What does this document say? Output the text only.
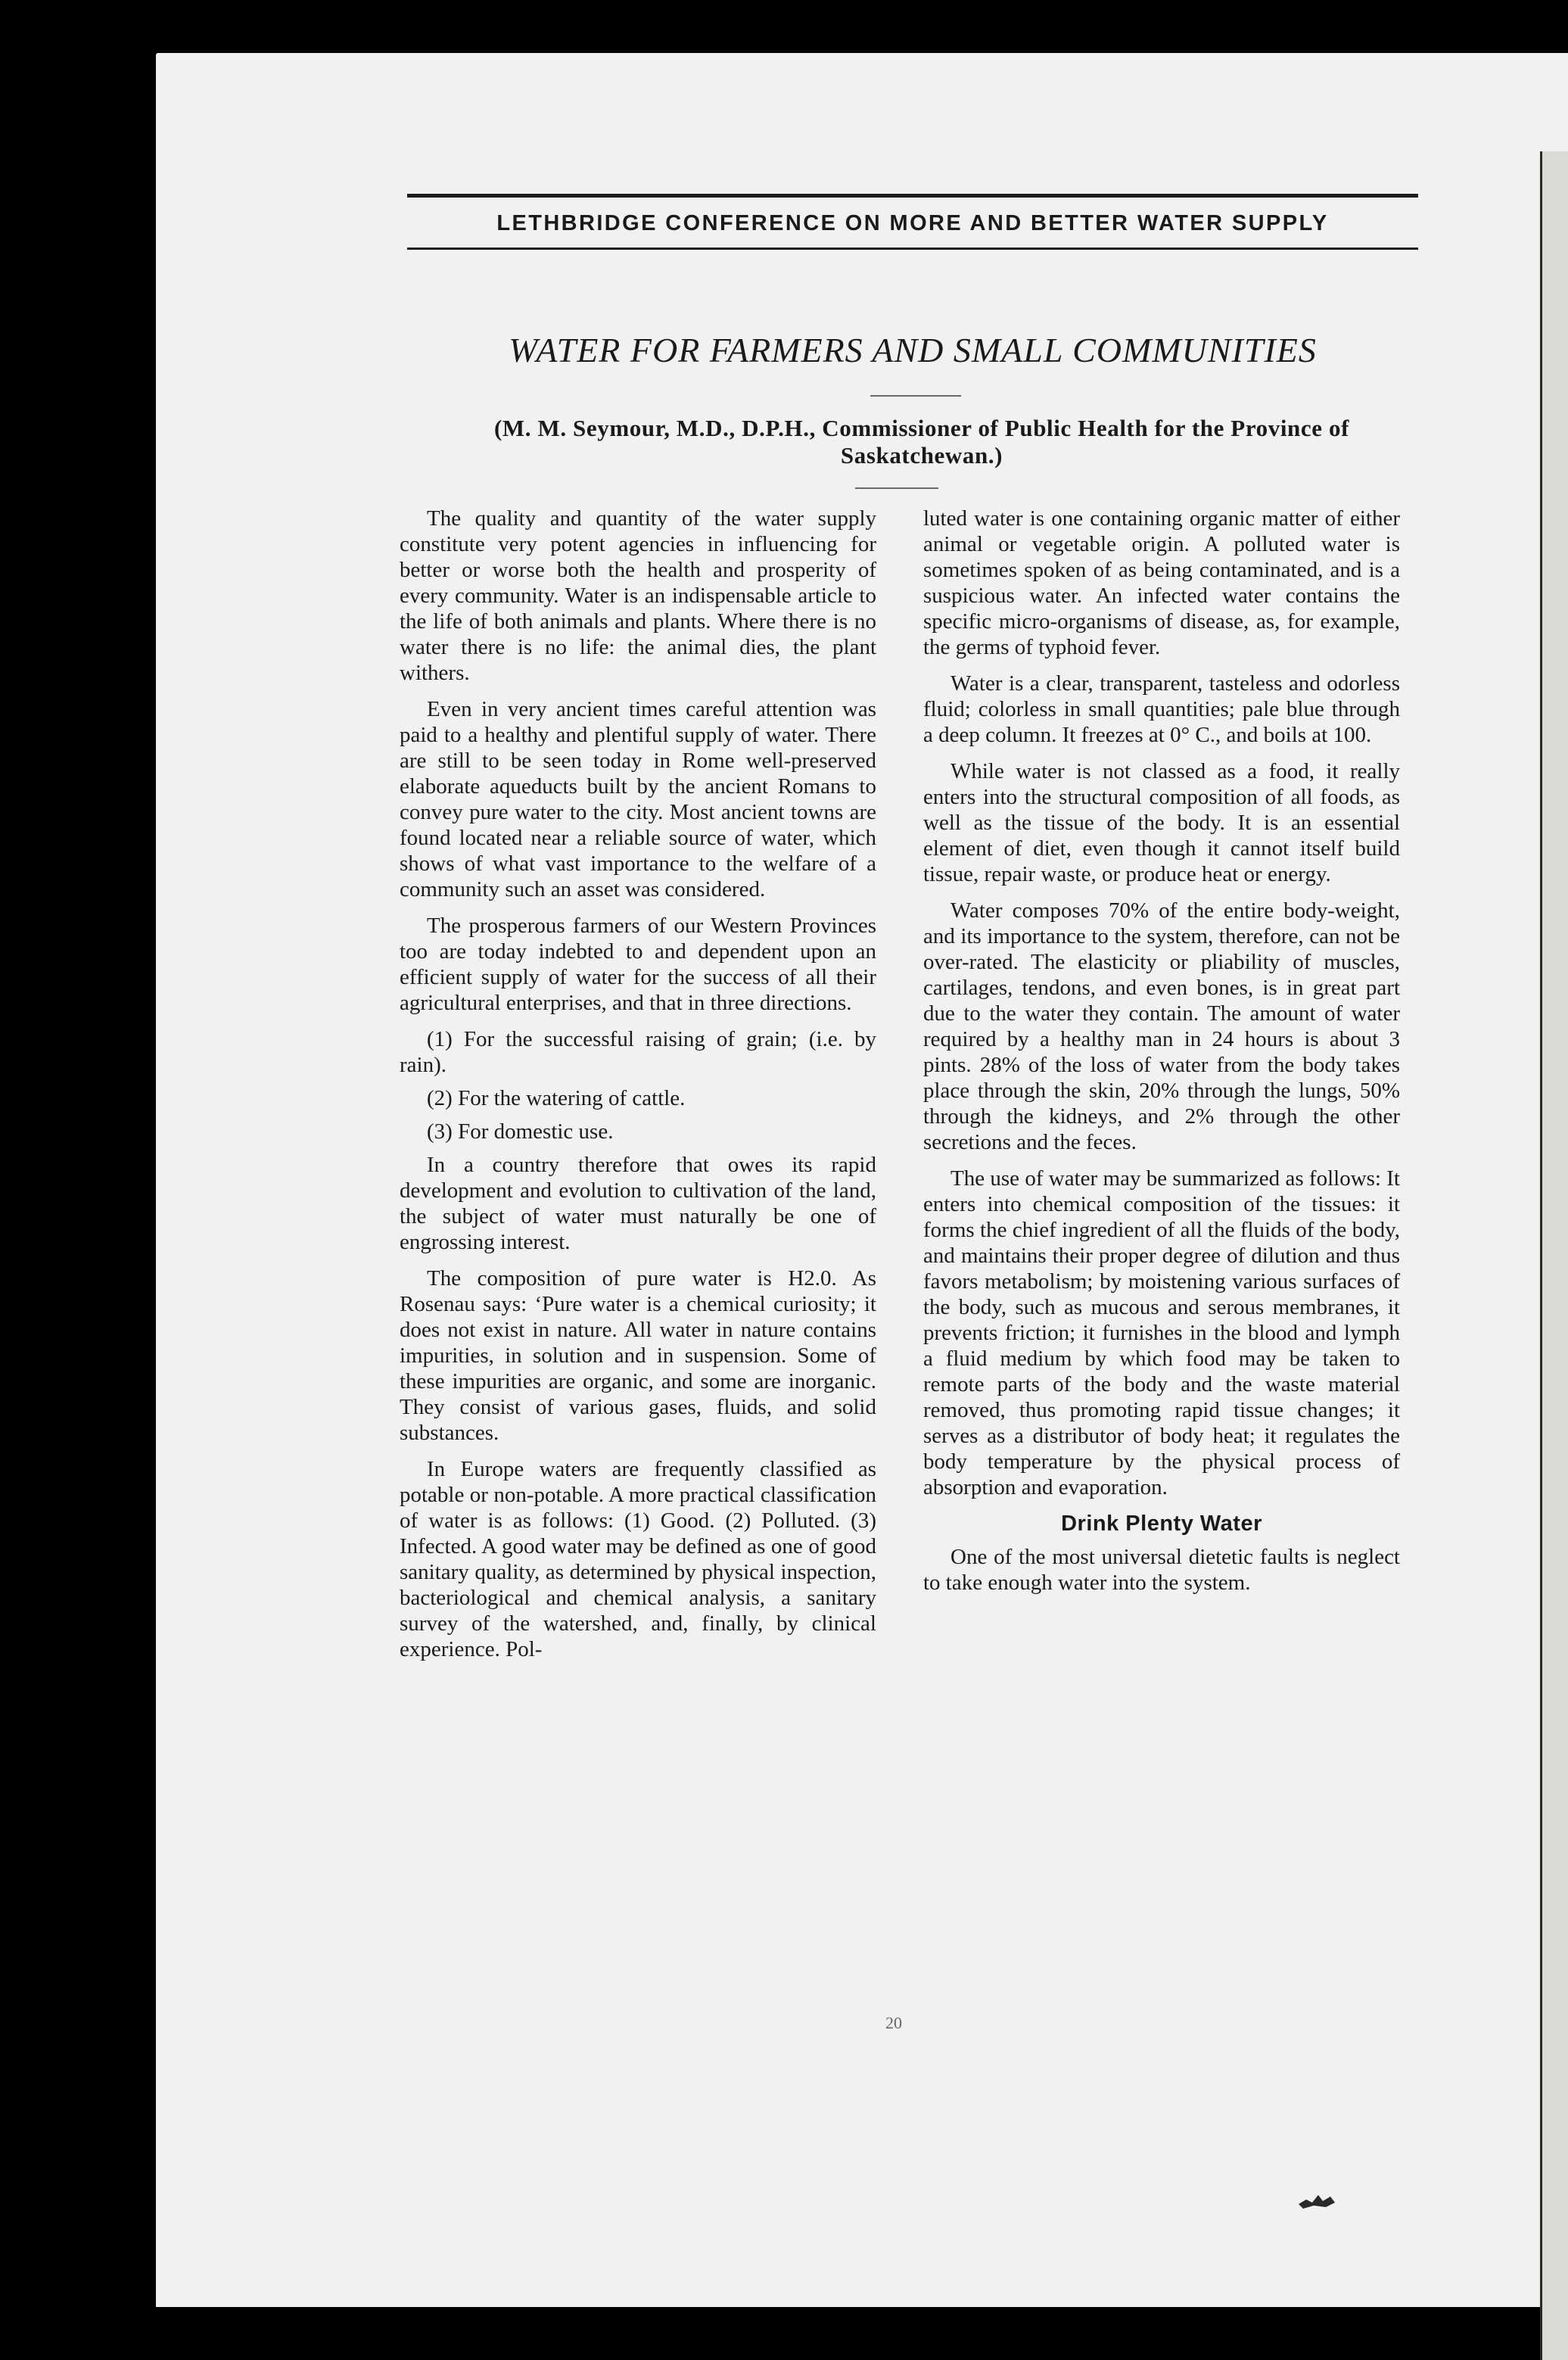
LETHBRIDGE CONFERENCE ON MORE AND BETTER WATER SUPPLY
WATER FOR FARMERS AND SMALL COMMUNITIES
(M. M. Seymour, M.D., D.P.H., Commissioner of Public Health for the Province of Saskatchewan.)

The quality and quantity of the water supply constitute very potent agencies in influencing for better or worse both the health and prosperity of every community. Water is an indispensable article to the life of both animals and plants. Where there is no water there is no life: the animal dies, the plant withers.

Even in very ancient times careful attention was paid to a healthy and plentiful supply of water. There are still to be seen today in Rome well-preserved elaborate aqueducts built by the ancient Romans to convey pure water to the city. Most ancient towns are found located near a reliable source of water, which shows of what vast importance to the welfare of a community such an asset was considered.

The prosperous farmers of our Western Provinces too are today indebted to and dependent upon an efficient supply of water for the success of all their agricultural enterprises, and that in three directions.

(1) For the successful raising of grain; (i.e. by rain).

(2) For the watering of cattle.

(3) For domestic use.

In a country therefore that owes its rapid development and evolution to cultivation of the land, the subject of water must naturally be one of engrossing interest.

The composition of pure water is H2.0. As Rosenau says: ‘Pure water is a chemical curiosity; it does not exist in nature. All water in nature contains impurities, in solution and in suspension. Some of these impurities are organic, and some are inorganic. They consist of various gases, fluids, and solid substances.

In Europe waters are frequently classified as potable or non-potable. A more practical classification of water is as follows: (1) Good. (2) Polluted. (3) Infected. A good water may be defined as one of good sanitary quality, as determined by physical inspection, bacteriological and chemical analysis, a sanitary survey of the watershed, and, finally, by clinical experience. Pol-

luted water is one containing organic matter of either animal or vegetable origin. A polluted water is sometimes spoken of as being contaminated, and is a suspicious water. An infected water contains the specific micro-organisms of disease, as, for example, the germs of typhoid fever.

Water is a clear, transparent, tasteless and odorless fluid; colorless in small quantities; pale blue through a deep column. It freezes at 0° C., and boils at 100.

While water is not classed as a food, it really enters into the structural composition of all foods, as well as the tissue of the body. It is an essential element of diet, even though it cannot itself build tissue, repair waste, or produce heat or energy.

Water composes 70% of the entire body-weight, and its importance to the system, therefore, can not be over-rated. The elasticity or pliability of muscles, cartilages, tendons, and even bones, is in great part due to the water they contain. The amount of water required by a healthy man in 24 hours is about 3 pints. 28% of the loss of water from the body takes place through the skin, 20% through the lungs, 50% through the kidneys, and 2% through the other secretions and the feces.

The use of water may be summarized as follows: It enters into chemical composition of the tissues: it forms the chief ingredient of all the fluids of the body, and maintains their proper degree of dilution and thus favors metabolism; by moistening various surfaces of the body, such as mucous and serous membranes, it prevents friction; it furnishes in the blood and lymph a fluid medium by which food may be taken to remote parts of the body and the waste material removed, thus promoting rapid tissue changes; it serves as a distributor of body heat; it regulates the body temperature by the physical process of absorption and evaporation.

Drink Plenty Water

One of the most universal dietetic faults is neglect to take enough water into the system.

20
